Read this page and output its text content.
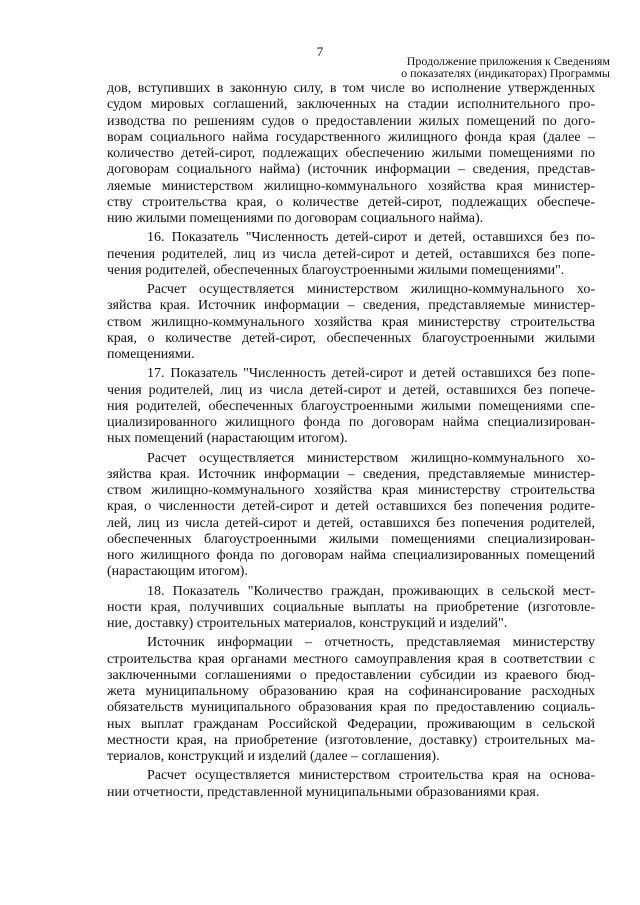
7
Продолжение приложения к Сведениям
о показателях (индикаторах) Программы

дов, вступивших в законную силу, в том числе во исполнение утвержденных

судом мировых соглашений, заключенных на стадии исполнительного про-

изводства по решениям судов о предоставлении жилых помещений по дого-

ворам социального найма государственного жилищного фонда края (далее –

количество детей-сирот, подлежащих обеспечению жилыми помещениями по

договорам социального найма) (источник информации – сведения, представ-

ляемые министерством жилищно-коммунального хозяйства края министер-

ству строительства края, о количестве детей-сирот, подлежащих обеспече-

нию жилыми помещениями по договорам социального найма).

16. Показатель "Численность детей-сирот и детей, оставшихся без по-

печения родителей, лиц из числа детей-сирот и детей, оставшихся без попе-

чения родителей, обеспеченных благоустроенными жилыми помещениями".

Расчет осуществляется министерством жилищно-коммунального хо-

зяйства края. Источник информации – сведения, представляемые министер-

ством жилищно-коммунального хозяйства края министерству строительства

края, о количестве детей-сирот, обеспеченных благоустроенными жилыми

помещениями.

17. Показатель "Численность детей-сирот и детей оставшихся без попе-

чения родителей, лиц из числа детей-сирот и детей, оставшихся без попече-

ния родителей, обеспеченных благоустроенными жилыми помещениями спе-

циализированного жилищного фонда по договорам найма специализирован-

ных помещений (нарастающим итогом).

Расчет осуществляется министерством жилищно-коммунального хо-

зяйства края. Источник информации – сведения, представляемые министер-

ством жилищно-коммунального хозяйства края министерству строительства

края, о численности детей-сирот и детей оставшихся без попечения родите-

лей, лиц из числа детей-сирот и детей, оставшихся без попечения родителей,

обеспеченных благоустроенными жилыми помещениями специализирован-

ного жилищного фонда по договорам найма специализированных помещений

(нарастающим итогом).

18. Показатель "Количество граждан, проживающих в сельской мест-

ности края, получивших социальные выплаты на приобретение (изготовле-

ние, доставку) строительных материалов, конструкций и изделий".

Источник информации – отчетность, представляемая министерству

строительства края органами местного самоуправления края в соответствии с

заключенными соглашениями о предоставлении субсидии из краевого бюд-

жета муниципальному образованию края на софинансирование расходных

обязательств муниципального образования края по предоставлению социаль-

ных выплат гражданам Российской Федерации, проживающим в сельской

местности края, на приобретение (изготовление, доставку) строительных ма-

териалов, конструкций и изделий (далее – соглашения).

Расчет осуществляется министерством строительства края на основа-

нии отчетности, представленной муниципальными образованиями края.
